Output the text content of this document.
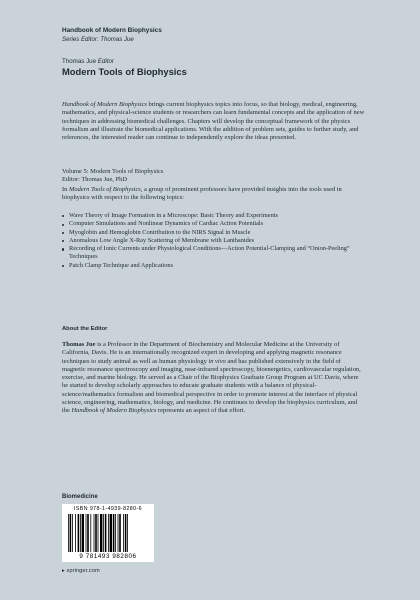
Handbook of Modern Biophysics
Series Editor: Thomas Jue
Thomas Jue Editor
Modern Tools of Biophysics
Handbook of Modern Biophysics brings current biophysics topics into focus, so that biology, medical, engineering, mathematics, and physical-science students or researchers can learn fundamental concepts and the application of new techniques in addressing biomedical challenges. Chapters will develop the conceptual framework of the physics formalism and illustrate the biomedical applications. With the addition of problem sets, guides to further study, and references, the interested reader can continue to independently explore the ideas presented.
Volume 5: Modern Tools of Biophysics
Editor: Thomas Jue, PhD
In Modern Tools of Biophysics, a group of prominent professors have provided insights into the tools used in biophysics with respect to the following topics:
Wave Theory of Image Formation in a Microscope: Basic Theory and Experiments
Computer Simulations and Nonlinear Dynamics of Cardiac Action Potentials
Myoglobin and Hemoglobin Contribution to the NIRS Signal in Muscle
Anomalous Low Angle X-Ray Scattering of Membrane with Lanthanides
Recording of Ionic Currents under Physiological Conditions—Action Potential-Clamping and “Onion-Peeling” Techniques
Patch Clamp Technique and Applications
About the Editor
Thomas Jue is a Professor in the Department of Biochemistry and Molecular Medicine at the University of California, Davis. He is an internationally recognized expert in developing and applying magnetic resonance techniques to study animal as well as human physiology in vivo and has published extensively in the field of magnetic resonance spectroscopy and imaging, near-infrared spectroscopy, bioenergetics, cardiovascular regulation, exercise, and marine biology. He served as a Chair of the Biophysics Graduate Group Program at UC Davis, where he started to develop scholarly approaches to educate graduate students with a balance of physical-science/mathematics formalism and biomedical perspective in order to promote interest at the interface of physical science, engineering, mathematics, biology, and medicine. He continues to develop the biophysics curriculum, and the Handbook of Modern Biophysics represents an aspect of that effort.
Biomedicine
ISBN 978-1-4939-8280-6
9 781493 982806
▸ springer.com
